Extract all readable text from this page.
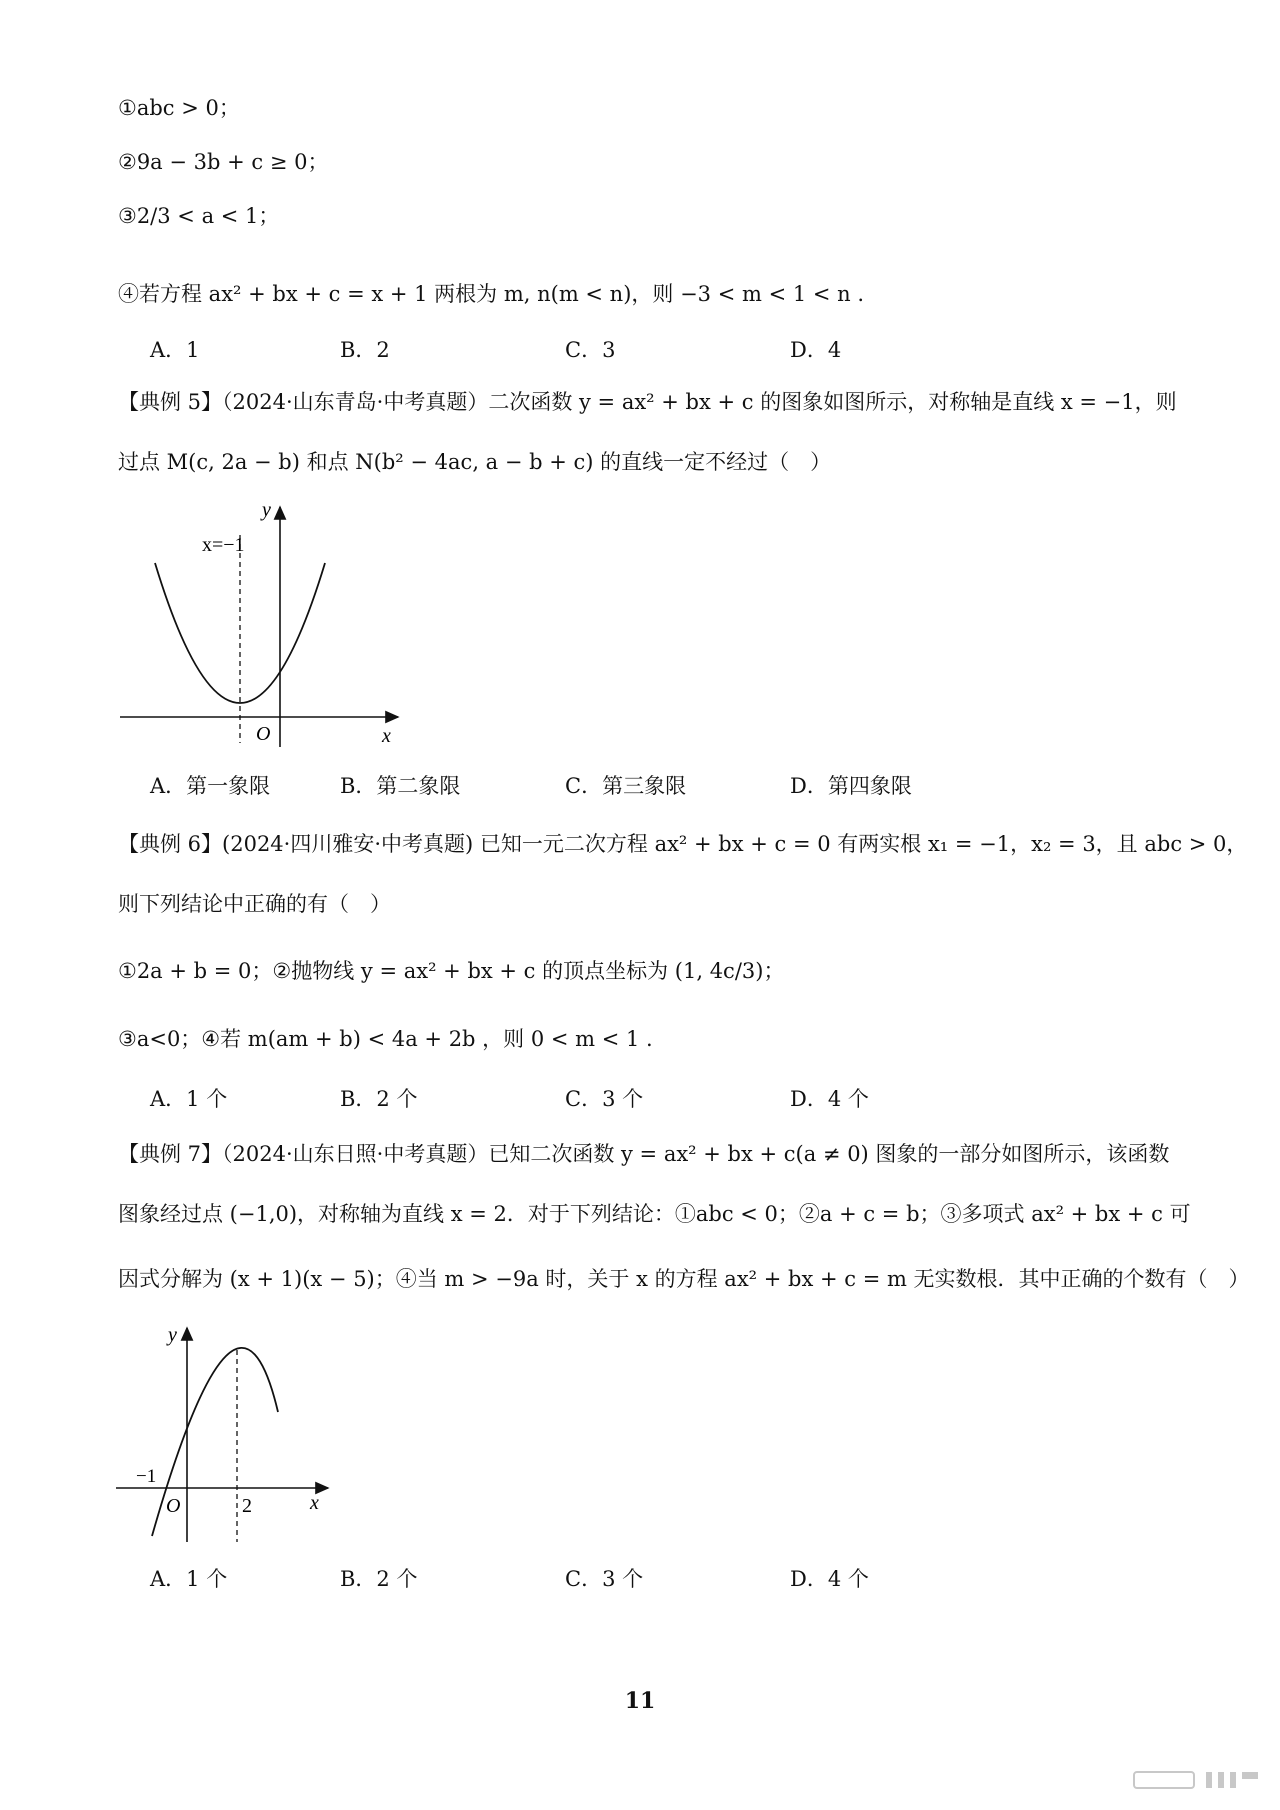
①abc > 0；
②9a − 3b + c ≥ 0；
③2/3 < a < 1；
④若方程 ax² + bx + c = x + 1 两根为 m, n(m < n)，则 −3 < m < 1 < n .
A．1	B．2	C．3	D．4
【典例 5】（2024·山东青岛·中考真题）二次函数 y = ax² + bx + c 的图象如图所示，对称轴是直线 x = −1，则
过点 M(c, 2a − b) 和点 N(b² − 4ac, a − b + c) 的直线一定不经过（　）
y
x=−1
O	x
A．第一象限	B．第二象限	C．第三象限	D．第四象限
【典例 6】(2024·四川雅安·中考真题) 已知一元二次方程 ax² + bx + c = 0 有两实根 x₁ = −1，x₂ = 3，且 abc > 0，
则下列结论中正确的有（　）
①2a + b = 0；②抛物线 y = ax² + bx + c 的顶点坐标为 (1, 4c/3)；
③a<0；④若 m(am + b) < 4a + 2b ，则 0 < m < 1 .
A．1 个	B．2 个	C．3 个	D．4 个
【典例 7】（2024·山东日照·中考真题）已知二次函数 y = ax² + bx + c(a ≠ 0) 图象的一部分如图所示，该函数
图象经过点 (−1,0)，对称轴为直线 x = 2．对于下列结论：①abc < 0；②a + c = b；③多项式 ax² + bx + c 可
因式分解为 (x + 1)(x − 5)；④当 m > −9a 时，关于 x 的方程 ax² + bx + c = m 无实数根．其中正确的个数有（　）
y
−1
O	2	x
A．1 个	B．2 个	C．3 个	D．4 个
11
